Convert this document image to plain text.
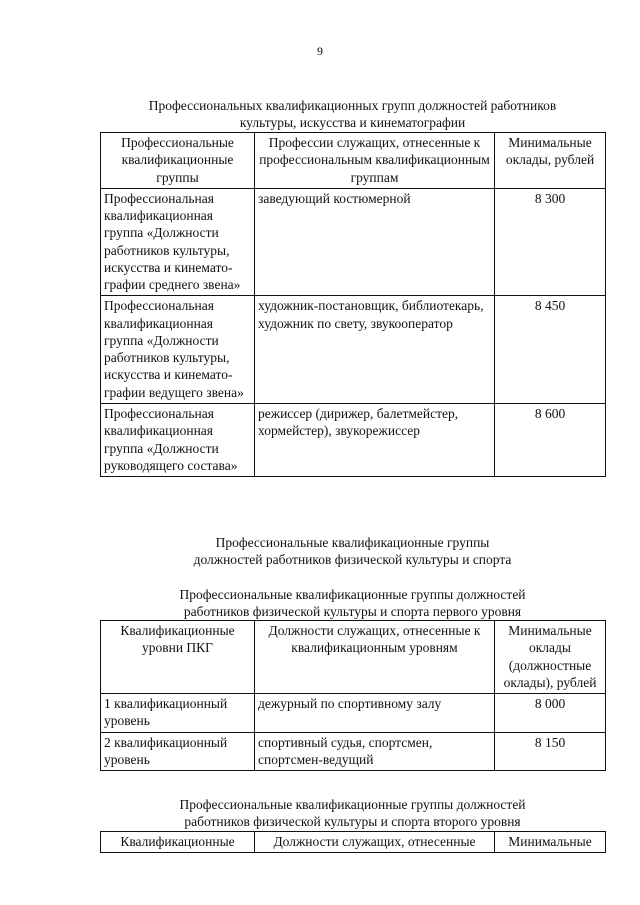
9
Профессиональных квалификационных групп должностей работников
культуры, искусства и кинематографии
Профессиональные квалификационные группы	Профессии служащих, отнесенные к профессиональным квалификационным группам	Минимальные оклады, рублей
Профессиональная квалификационная группа «Должности работников культуры, искусства и кинемато-графии среднего звена»	заведующий костюмерной	8 300
Профессиональная квалификационная группа «Должности работников культуры, искусства и кинемато-графии ведущего звена»	художник-постановщик, библиотекарь, художник по свету, звукооператор	8 450
Профессиональная квалификационная группа «Должности руководящего состава»	режиссер (дирижер, балетмейстер, хормейстер), звукорежиссер	8 600
Профессиональные квалификационные группы
должностей работников физической культуры и спорта
Профессиональные квалификационные группы должностей
работников физической культуры и спорта первого уровня
Квалификационные уровни ПКГ	Должности служащих, отнесенные к квалификационным уровням	Минимальные оклады (должностные оклады), рублей
1 квалификационный уровень	дежурный по спортивному залу	8 000
2 квалификационный уровень	спортивный судья, спортсмен, спортсмен-ведущий	8 150
Профессиональные квалификационные группы должностей
работников физической культуры и спорта второго уровня
Квалификационные	Должности служащих, отнесенные	Минимальные
